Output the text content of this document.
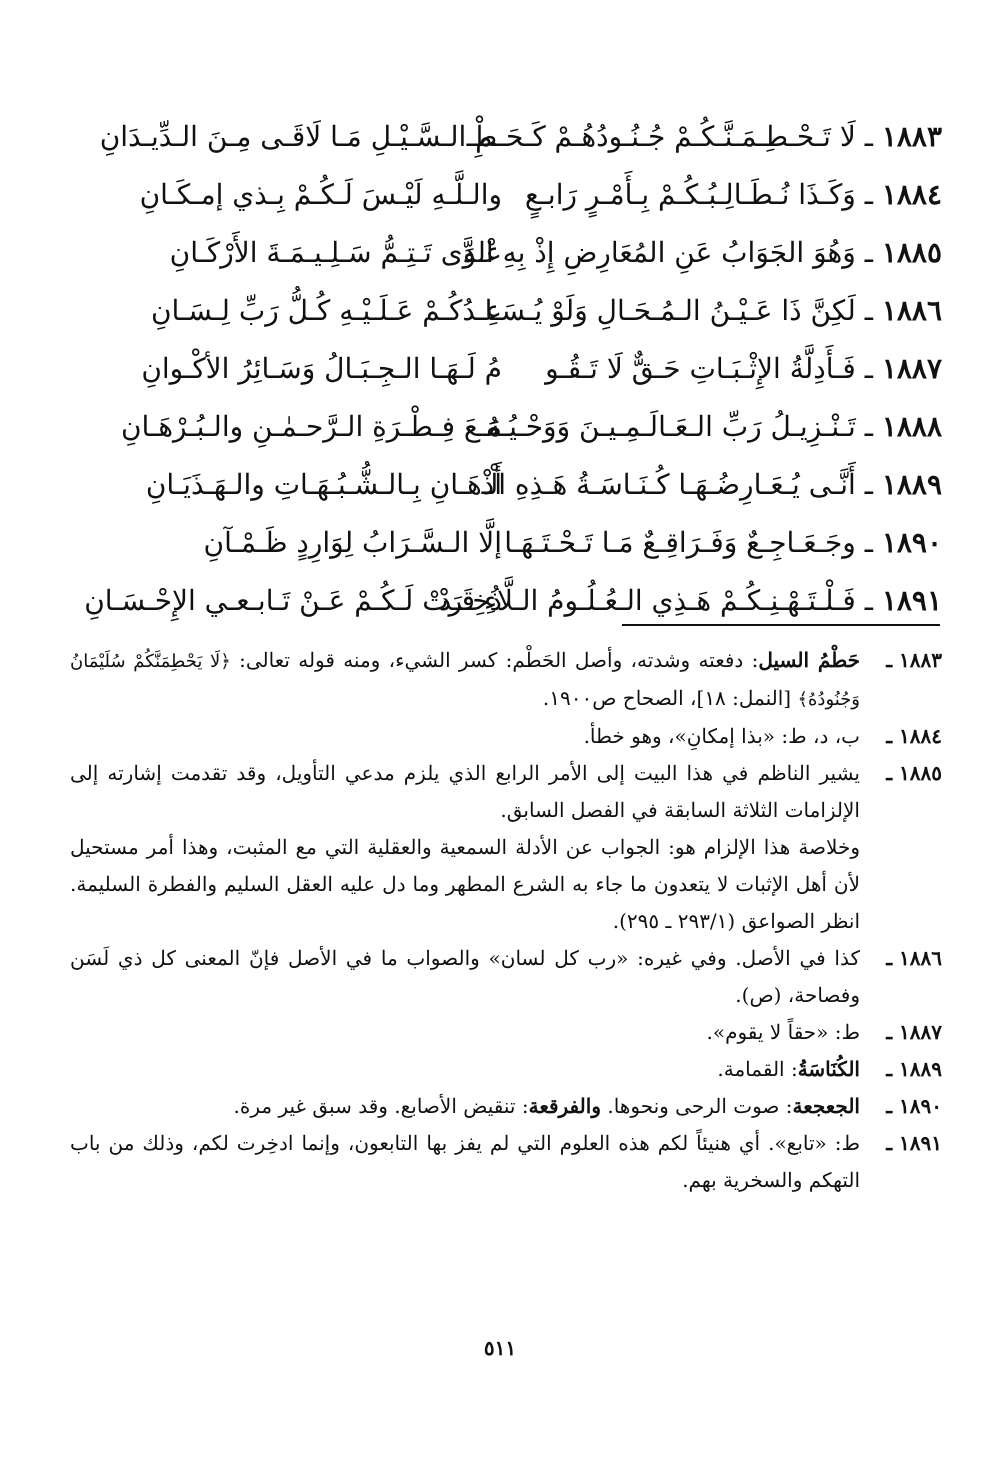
١٨٨٣ ـ لَا تَـحْـطِـمَـنَّـكُـمْ جُـنُـودُهُـمْ كَـحَـطْـ
ـمِ الـسَّـيْـلِ مَـا لَاقَـى مِـنَ الـدِّيـدَانِ
١٨٨٤ ـ وَكَـذَا نُـطَـالِـبُـكُـمْ بِـأَمْـرٍ رَابـعٍ
والـلَّـهِ لَيْـسَ لَـكُـمْ بِـذي إمـكَـانِ
١٨٨٥ ـ وَهُوَ الجَوَابُ عَنِ المُعَارِضِ إِذْ بِهِ الدَّ
عْـوَى تَـتِـمُّ سَـلِـيـمَـةَ الأَرْكَـانِ
١٨٨٦ ـ لَكِنَّ ذَا عَـيْـنُ الـمُـحَـالِ وَلَوْ يُـسَـا
عِـدُكُـمْ عَـلَـيْـهِ كُـلُّ رَبِّ لِـسَـانِ
١٨٨٧ ـ فَـأَدِلَّةُ الإِثْـبَـاتِ حَـقٌّ لَا تَـقُـو
مُ لَـهَـا الـجِـبَـالُ وَسَـائِرُ الأكْـوانِ
١٨٨٨ ـ تَـنْـزِيـلُ رَبِّ الـعَـالَـمِـيـنَ وَوَحْـيُـهُ
مَـعَ فِـطْـرَةِ الـرَّحـمٰـنِ والـبُـرْهَـانِ
١٨٨٩ ـ أَنَّـى يُـعَـارِضُـهَـا كُـنَـاسَـةُ هَـذِهِ الْـ
أَذْهَـانِ بِـالـشُّـبُـهَـاتِ والـهَـذَيَـانِ
١٨٩٠ ـ وجَـعَـاجِـعٌ وَفَـرَاقِـعٌ مَـا تَـحْـتَـهَـا
إلَّا الـسَّـرَابُ لِوَارِدٍ ظَـمْـآنِ
١٨٩١ ـ فَـلْـتَـهْـنِـكُـمْ هَـذِي الـعُـلُـومُ الـلَّاءِ قَـدْ
ذُخِـرَتْ لَـكُـمْ عَـنْ تَـابـعـي الإِحْـسَـانِ
١٨٨٣ ـ
حَطْمُ السيل: دفعته وشدته، وأصل الحَطْم: كسر الشيء، ومنه قوله تعالى: ﴿لَا يَحْطِمَنَّكُمْ سُلَيْمَانُ وَجُنُودُهُ﴾ [النمل: ١٨]، الصحاح ص١٩٠٠.
١٨٨٤ ـ
ب، د، ط: «بذا إمكانِ»، وهو خطأ.
١٨٨٥ ـ

يشير الناظم في هذا البيت إلى الأمر الرابع الذي يلزم مدعي التأويل، وقد تقدمت إشارته إلى الإلزامات الثلاثة السابقة في الفصل السابق.

وخلاصة هذا الإلزام هو: الجواب عن الأدلة السمعية والعقلية التي مع المثبت، وهذا أمر مستحيل لأن أهل الإثبات لا يتعدون ما جاء به الشرع المطهر وما دل عليه العقل السليم والفطرة السليمة. انظر الصواعق (٢٩٣/١ ـ ٢٩٥).

١٨٨٦ ـ
كذا في الأصل. وفي غيره: «رب كل لسان» والصواب ما في الأصل فإنّ المعنى كل ذي لَسَن وفصاحة، (ص).
١٨٨٧ ـ
ط: «حقاً لا يقوم».
١٨٨٩ ـ
الكُنَاسَةُ: القمامة.
١٨٩٠ ـ
الجعجعة: صوت الرحى ونحوها. والفرقعة: تنقيض الأصابع. وقد سبق غير مرة.
١٨٩١ ـ
ط: «تابع». أي هنيئاً لكم هذه العلوم التي لم يفز بها التابعون، وإنما ادخِرت لكم، وذلك من باب التهكم والسخرية بهم.
٥١١
